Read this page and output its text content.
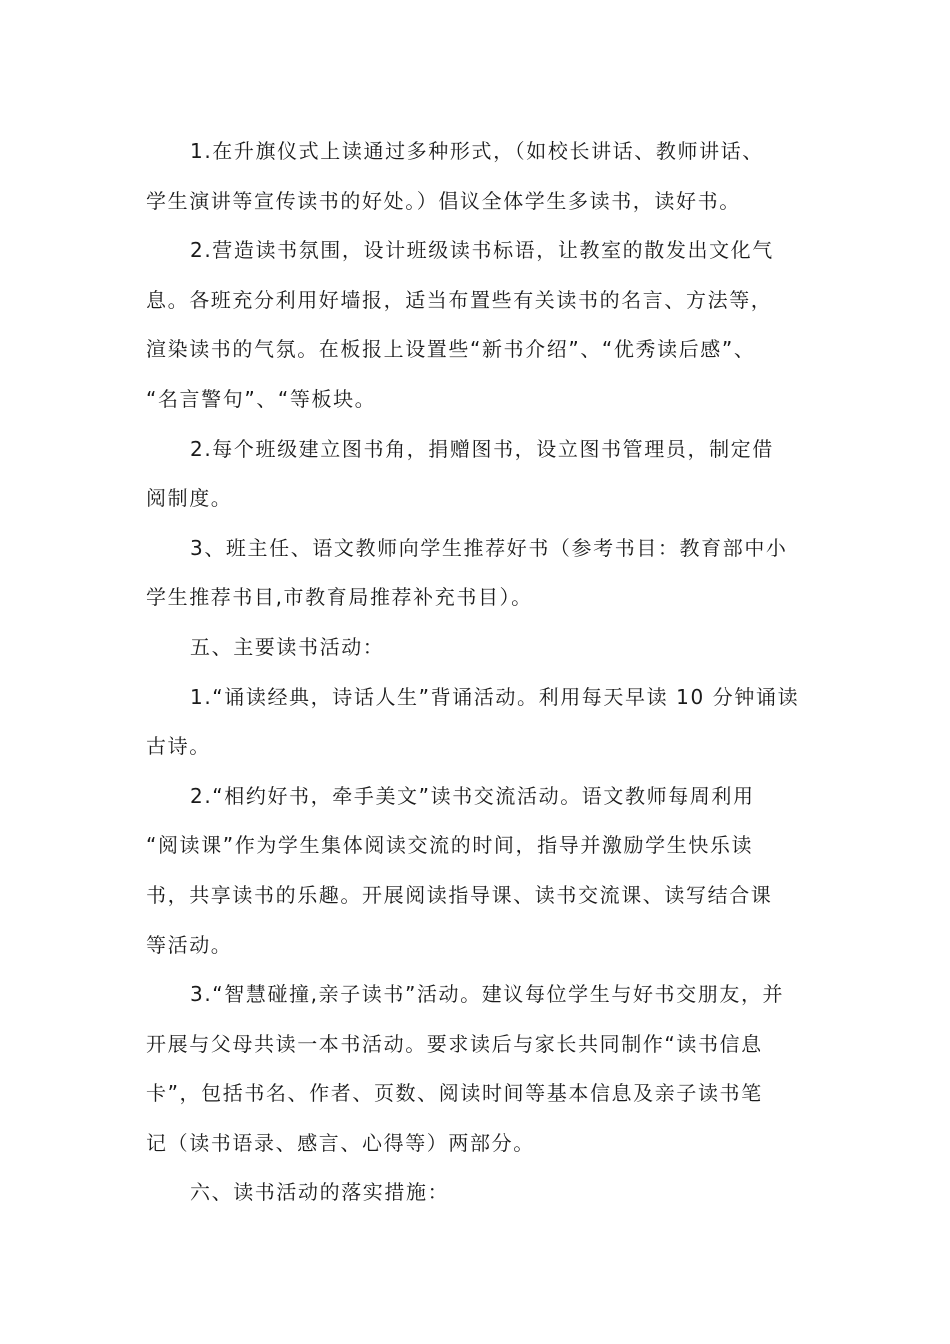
1.在升旗仪式上读通过多种形式，（如校长讲话、教师讲话、
学生演讲等宣传读书的好处。）倡议全体学生多读书，读好书。
2.营造读书氛围，设计班级读书标语，让教室的散发出文化气
息。各班充分利用好墙报，适当布置些有关读书的名言、方法等，
渲染读书的气氛。在板报上设置些“新书介绍”、“优秀读后感”、
“名言警句”、“等板块。
2.每个班级建立图书角，捐赠图书，设立图书管理员，制定借
阅制度。
3、班主任、语文教师向学生推荐好书（参考书目：教育部中小
学生推荐书目,市教育局推荐补充书目）。
五、主要读书活动：
1.“诵读经典，诗话人生”背诵活动。利用每天早读 10 分钟诵读
古诗。
2.“相约好书，牵手美文”读书交流活动。语文教师每周利用
“阅读课”作为学生集体阅读交流的时间，指导并激励学生快乐读
书，共享读书的乐趣。开展阅读指导课、读书交流课、读写结合课
等活动。
3.“智慧碰撞,亲子读书”活动。建议每位学生与好书交朋友，并
开展与父母共读一本书活动。要求读后与家长共同制作“读书信息
卡”，包括书名、作者、页数、阅读时间等基本信息及亲子读书笔
记（读书语录、感言、心得等）两部分。
六、读书活动的落实措施：
